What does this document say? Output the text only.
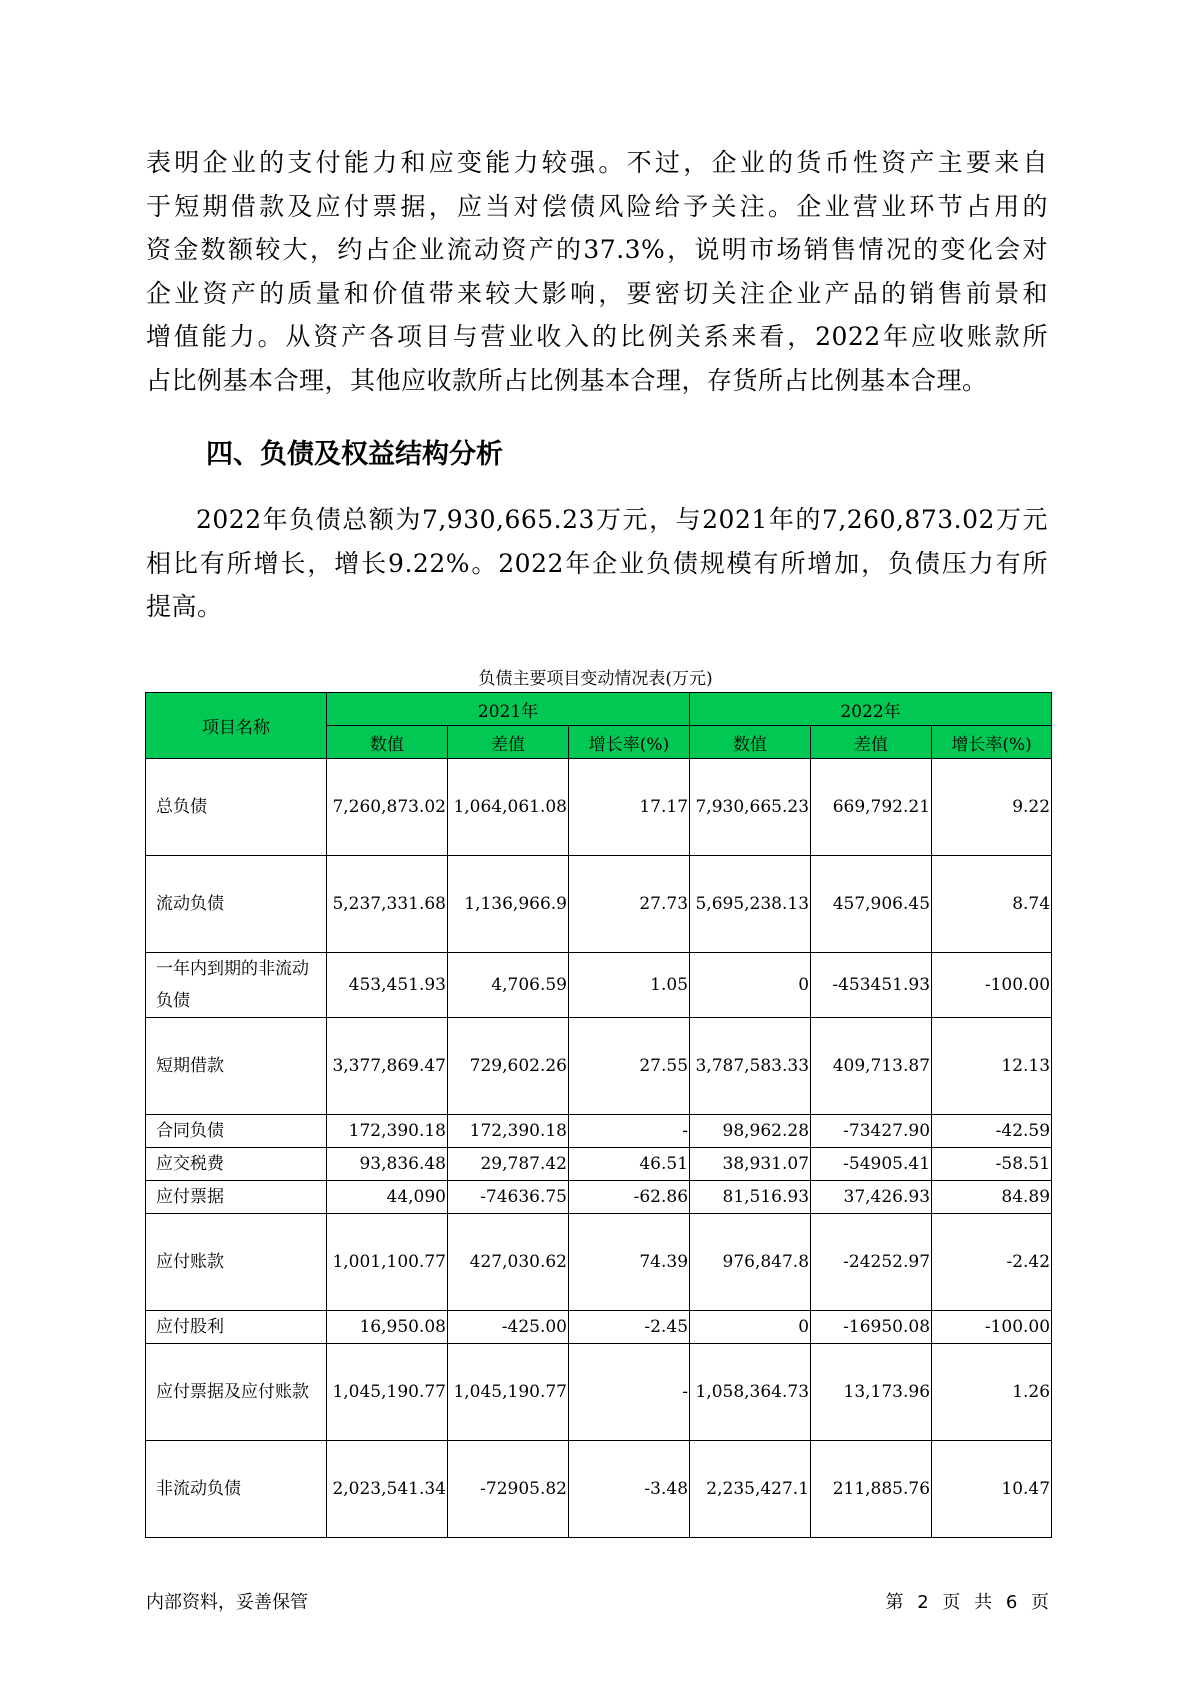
表明企业的支付能力和应变能力较强。不过，企业的货币性资产主要来自
于短期借款及应付票据，应当对偿债风险给予关注。企业营业环节占用的
资金数额较大，约占企业流动资产的37.3%，说明市场销售情况的变化会对
企业资产的质量和价值带来较大影响，要密切关注企业产品的销售前景和
增值能力。从资产各项目与营业收入的比例关系来看，2022年应收账款所
占比例基本合理，其他应收款所占比例基本合理，存货所占比例基本合理。
四、负债及权益结构分析
2022年负债总额为7,930,665.23万元，与2021年的7,260,873.02万元
相比有所增长，增长9.22%。2022年企业负债规模有所增加，负债压力有所
提高。
负债主要项目变动情况表(万元)
项目名称	2021年			2022年		
	数值	差值	增长率(%)	数值	差值	增长率(%)
总负债	7,260,873.02	1,064,061.08	17.17	7,930,665.23	669,792.21	9.22
流动负债	5,237,331.68	1,136,966.9	27.73	5,695,238.13	457,906.45	8.74
一年内到期的非流动负债	453,451.93	4,706.59	1.05	0	-453451.93	-100.00
短期借款	3,377,869.47	729,602.26	27.55	3,787,583.33	409,713.87	12.13
合同负债	172,390.18	172,390.18	-	98,962.28	-73427.90	-42.59
应交税费	93,836.48	29,787.42	46.51	38,931.07	-54905.41	-58.51
应付票据	44,090	-74636.75	-62.86	81,516.93	37,426.93	84.89
应付账款	1,001,100.77	427,030.62	74.39	976,847.8	-24252.97	-2.42
应付股利	16,950.08	-425.00	-2.45	0	-16950.08	-100.00
应付票据及应付账款	1,045,190.77	1,045,190.77	-	1,058,364.73	13,173.96	1.26
非流动负债	2,023,541.34	-72905.82	-3.48	2,235,427.1	211,885.76	10.47
内部资料，妥善保管	第 2 页 共 6 页
